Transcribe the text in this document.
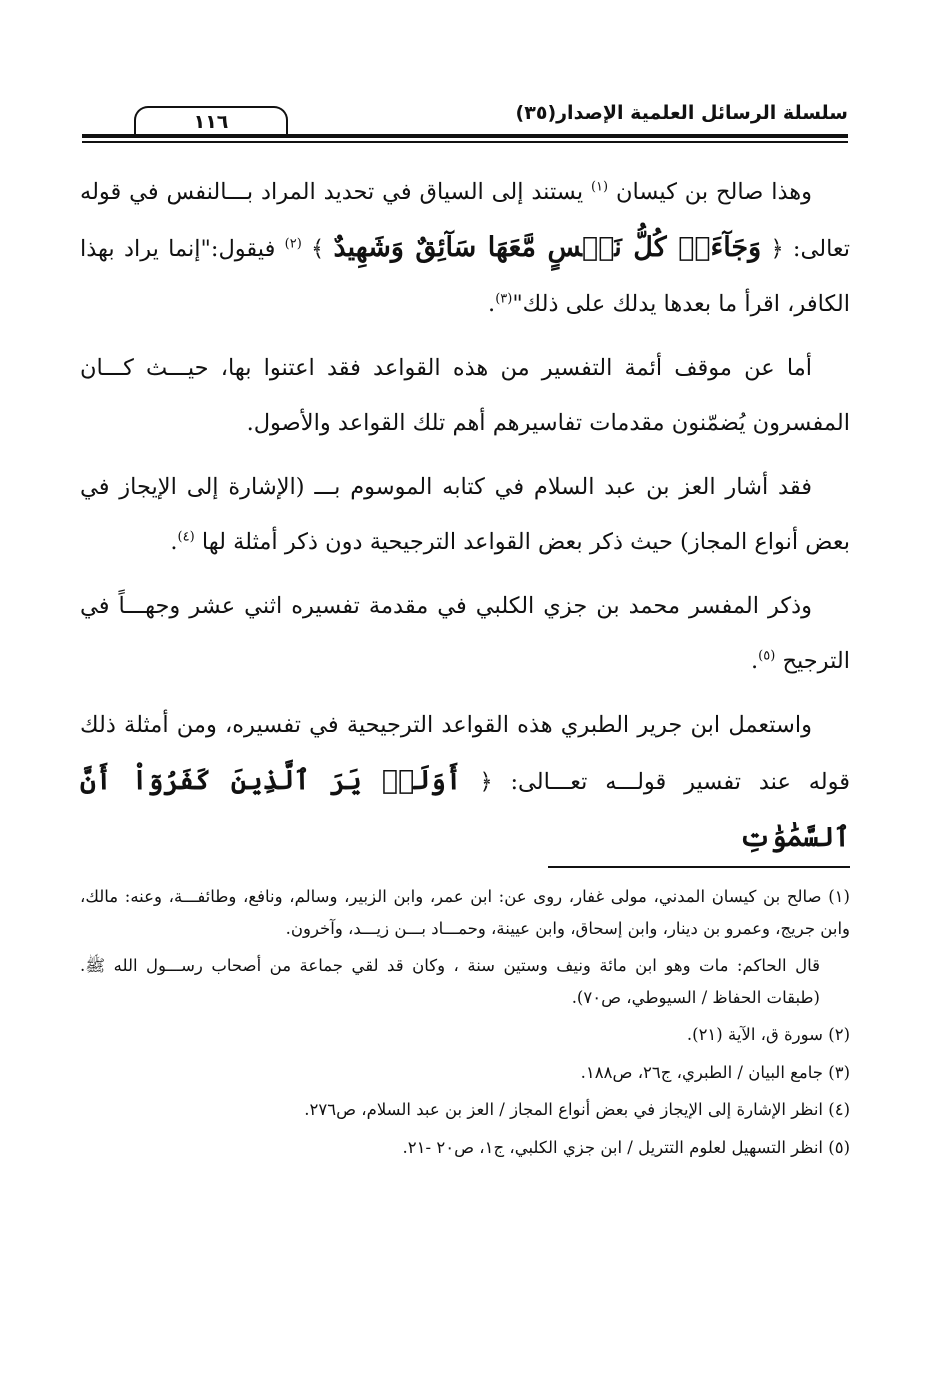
سلسلة الرسائل العلمية الإصدار(٣٥)
١١٦

وهذا صالح بن كيسان $^{(١)}$ يستند إلى السياق في تحديد المراد بـــالنفس في قوله تعالى: ﴿ وَجَآءَتۡ كُلُّ نَفۡسٍ مَّعَهَا سَآئِقٌ وَشَهِيدٌ ﴾ $^{(٢)}$ فيقول:"إنما يراد بهذا الكافر، اقرأ ما بعدها يدلك على ذلك"$^{(٣)}$.

أما عن موقف أئمة التفسير من هذه القواعد فقد اعتنوا بها، حيـــث كـــان المفسرون يُضمّنون مقدمات تفاسيرهم أهم تلك القواعد والأصول.

فقد أشار العز بن عبد السلام في كتابه الموسوم بـــ (الإشارة إلى الإيجاز في بعض أنواع المجاز) حيث ذكر بعض القواعد الترجيحية دون ذكر أمثلة لها $^{(٤)}$.

وذكر المفسر محمد بن جزي الكلبي في مقدمة تفسيره اثني عشر وجهـــاً في الترجيح $^{(٥)}$.

واستعمل ابن جرير الطبري هذه القواعد الترجيحية في تفسيره، ومن أمثلة ذلك قوله عند تفسير قولـــه تعـــالى: ﴿ أَوَلَمۡ يَرَ ٱلَّذِينَ كَفَرُوٓاْ أَنَّ ٱلسَّمَٰوَٰتِ

(١) صالح بن كيسان المدني، مولى غفار، روى عن: ابن عمر، وابن الزبير، وسالم، ونافع، وطائفـــة، وعنه: مالك، وابن جريج، وعمرو بن دينار، وابن إسحاق، وابن عيينة، وحمـــاد بـــن زيـــد، وآخرون.

قال الحاكم: مات وهو ابن مائة ونيف وستين سنة ، وكان قد لقي جماعة من أصحاب رســـول الله ﷺ. (طبقات الحفاظ / السيوطي، ص٧٠).

(٢) سورة ق، الآية (٢١).

(٣) جامع البيان / الطبري، ج٢٦، ص١٨٨.

(٤) انظر الإشارة إلى الإيجاز في بعض أنواع المجاز / العز بن عبد السلام، ص٢٧٦.

(٥) انظر التسهيل لعلوم التتريل / ابن جزي الكلبي، ج١، ص٢٠ -٢١.
